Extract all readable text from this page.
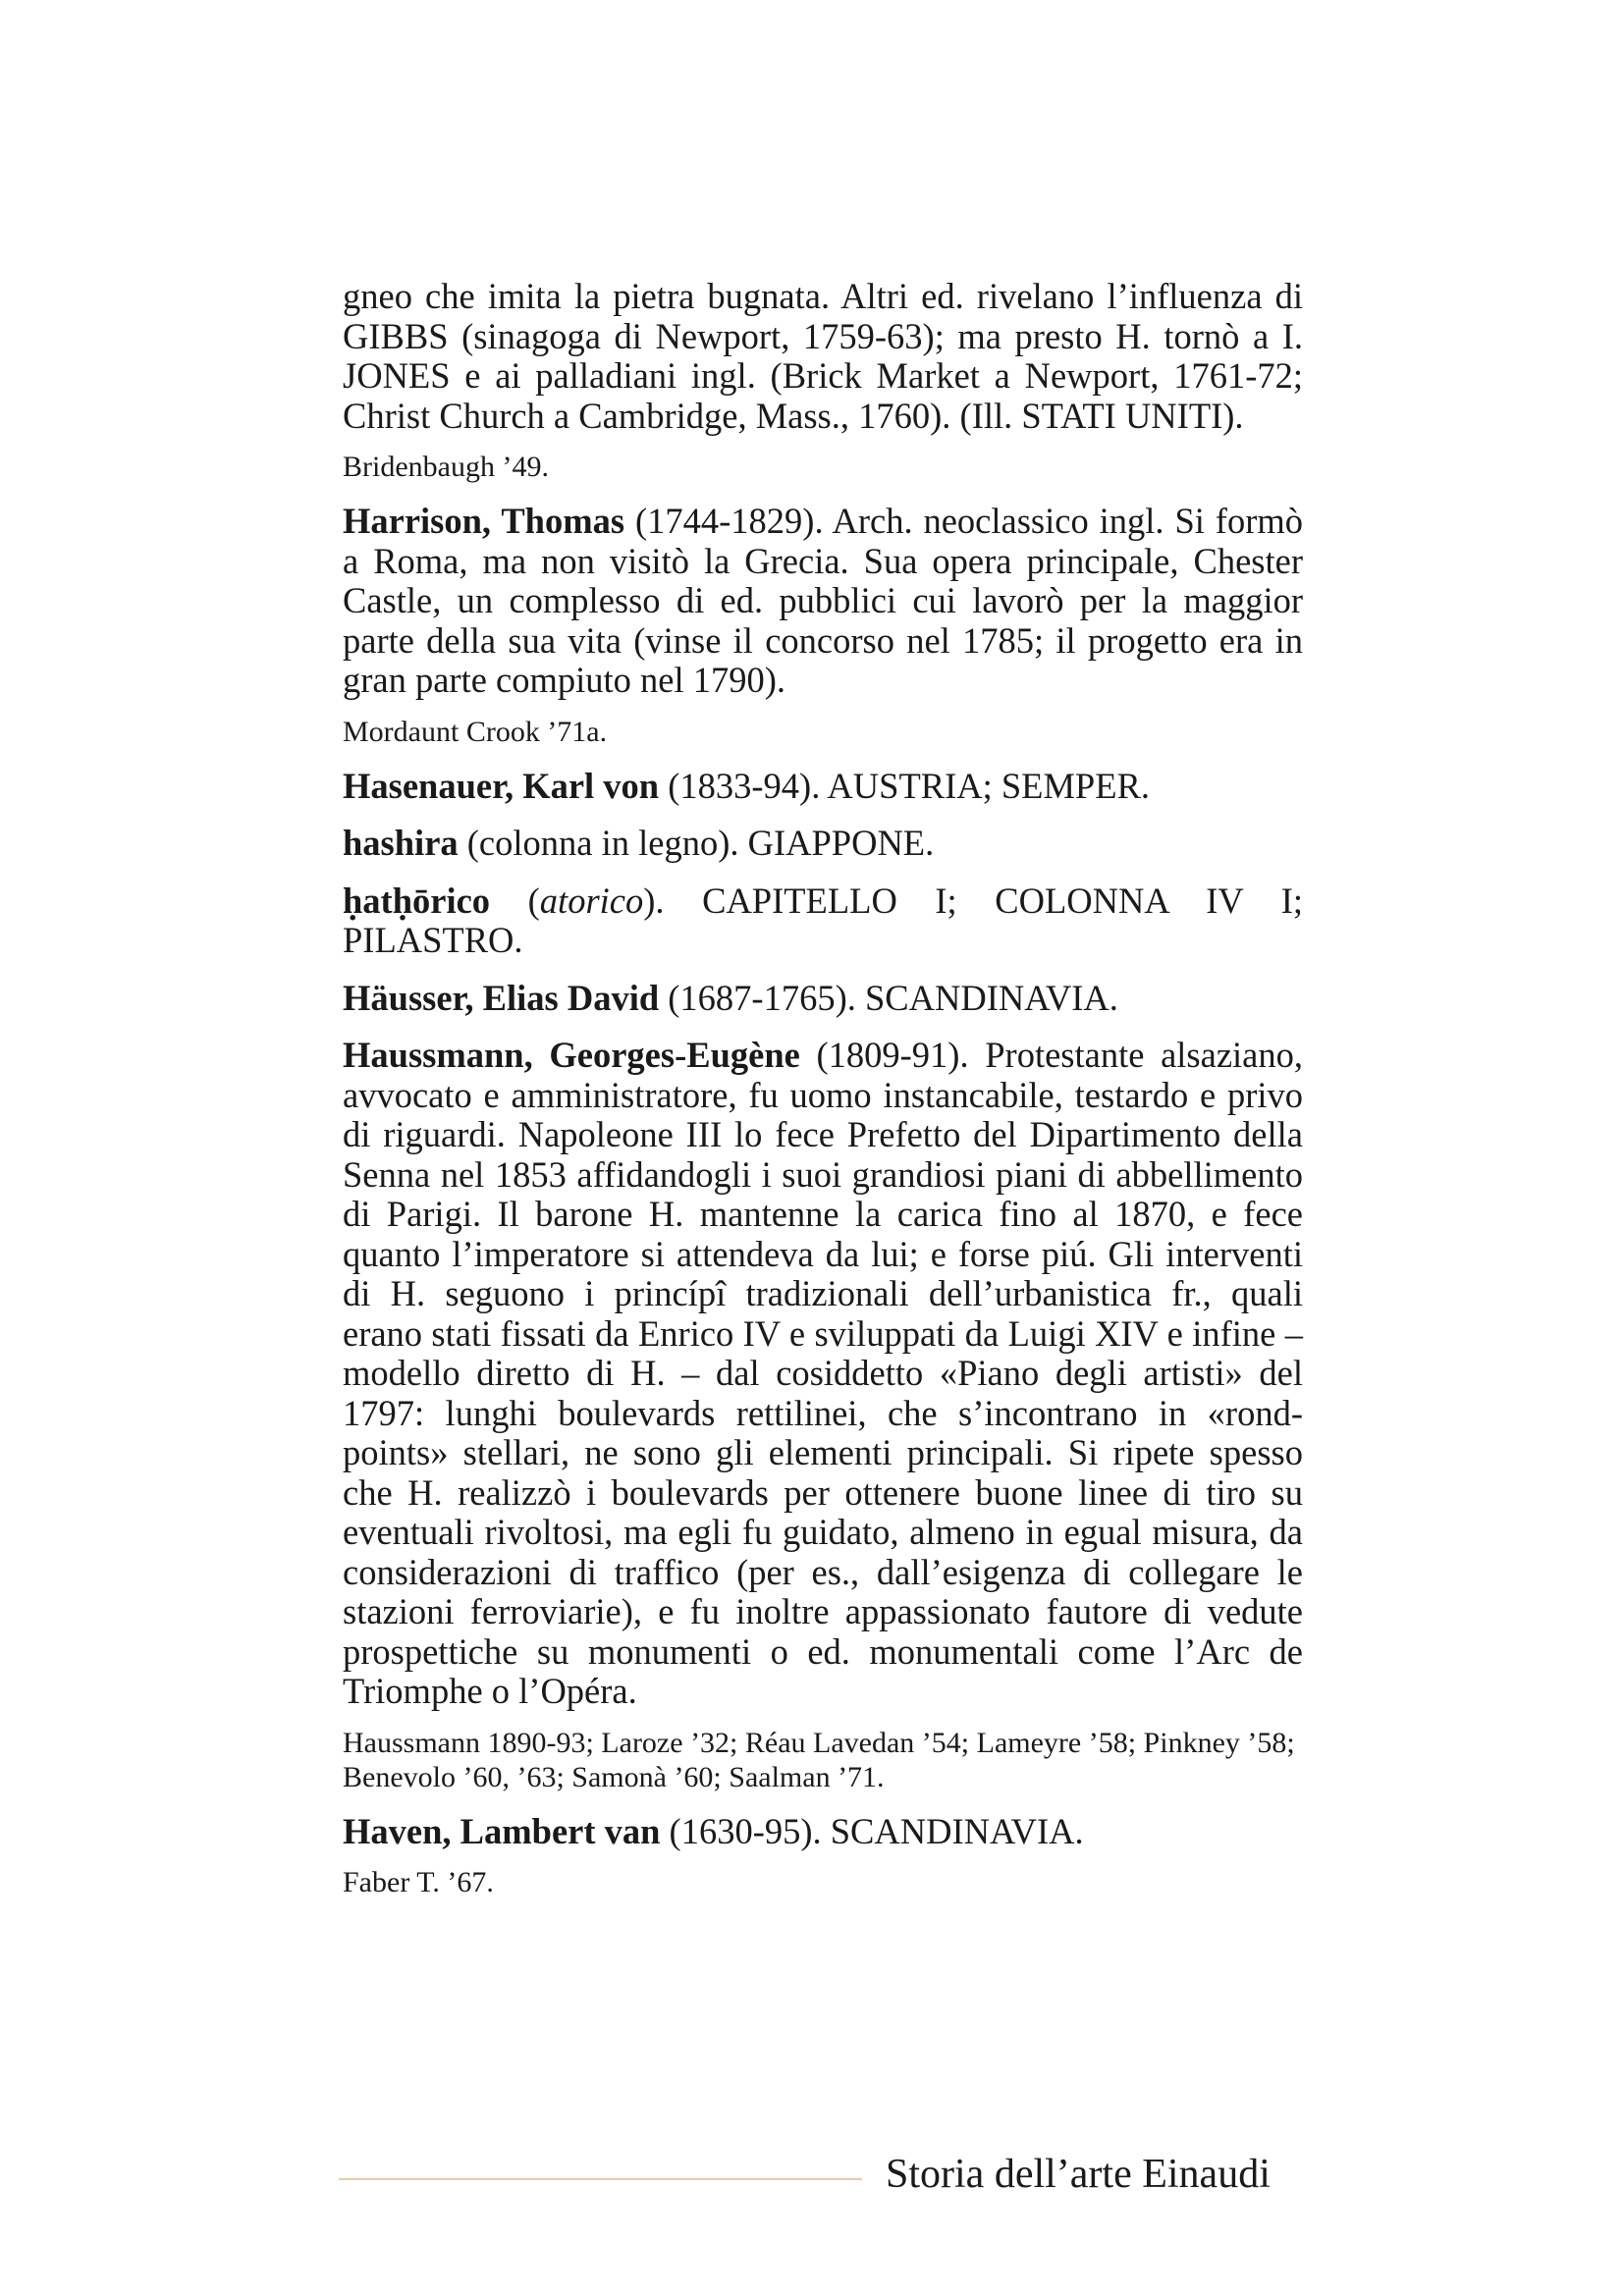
gneo che imita la pietra bugnata. Altri ed. rivelano l’influenza di GIBBS (sinagoga di Newport, 1759-63); ma presto H. tornò a I. JONES e ai palladiani ingl. (Brick Market a Newport, 1761-72; Christ Church a Cambridge, Mass., 1760). (Ill. STATI UNITI).

Bridenbaugh ’49.

Harrison, Thomas (1744-1829). Arch. neoclassico ingl. Si formò a Roma, ma non visitò la Grecia. Sua opera principale, Chester Castle, un complesso di ed. pubblici cui lavorò per la maggior parte della sua vita (vinse il concorso nel 1785; il progetto era in gran parte compiuto nel 1790).

Mordaunt Crook ’71a.

Hasenauer, Karl von (1833-94). AUSTRIA; SEMPER.

hashira (colonna in legno). GIAPPONE.

ḥatḥōrico (atorico). CAPITELLO I; COLONNA IV I; PILASTRO.

Häusser, Elias David (1687-1765). SCANDINAVIA.

Haussmann, Georges-Eugène (1809-91). Protestante alsaziano, avvocato e amministratore, fu uomo instancabile, testardo e privo di riguardi. Napoleone III lo fece Prefetto del Dipartimento della Senna nel 1853 affidandogli i suoi grandiosi piani di abbellimento di Parigi. Il barone H. mantenne la carica fino al 1870, e fece quanto l’imperatore si attendeva da lui; e forse piú. Gli interventi di H. seguono i princípî tradizionali dell’urbanistica fr., quali erano stati fissati da Enrico IV e sviluppati da Luigi XIV e infine – modello diretto di H. – dal cosiddetto «Piano degli artisti» del 1797: lunghi boulevards rettilinei, che s’incontrano in «rond-points» stellari, ne sono gli elementi principali. Si ripete spesso che H. realizzò i boulevards per ottenere buone linee di tiro su eventuali rivoltosi, ma egli fu guidato, almeno in egual misura, da considerazioni di traffico (per es., dall’esigenza di collegare le stazioni ferroviarie), e fu inoltre appassionato fautore di vedute prospettiche su monumenti o ed. monumentali come l’Arc de Triomphe o l’Opéra.

Haussmann 1890-93; Laroze ’32; Réau Lavedan ’54; Lameyre ’58; Pinkney ’58; Benevolo ’60, ’63; Samonà ’60; Saalman ’71.

Haven, Lambert van (1630-95). SCANDINAVIA.

Faber T. ’67.

Storia dell’arte Einaudi
